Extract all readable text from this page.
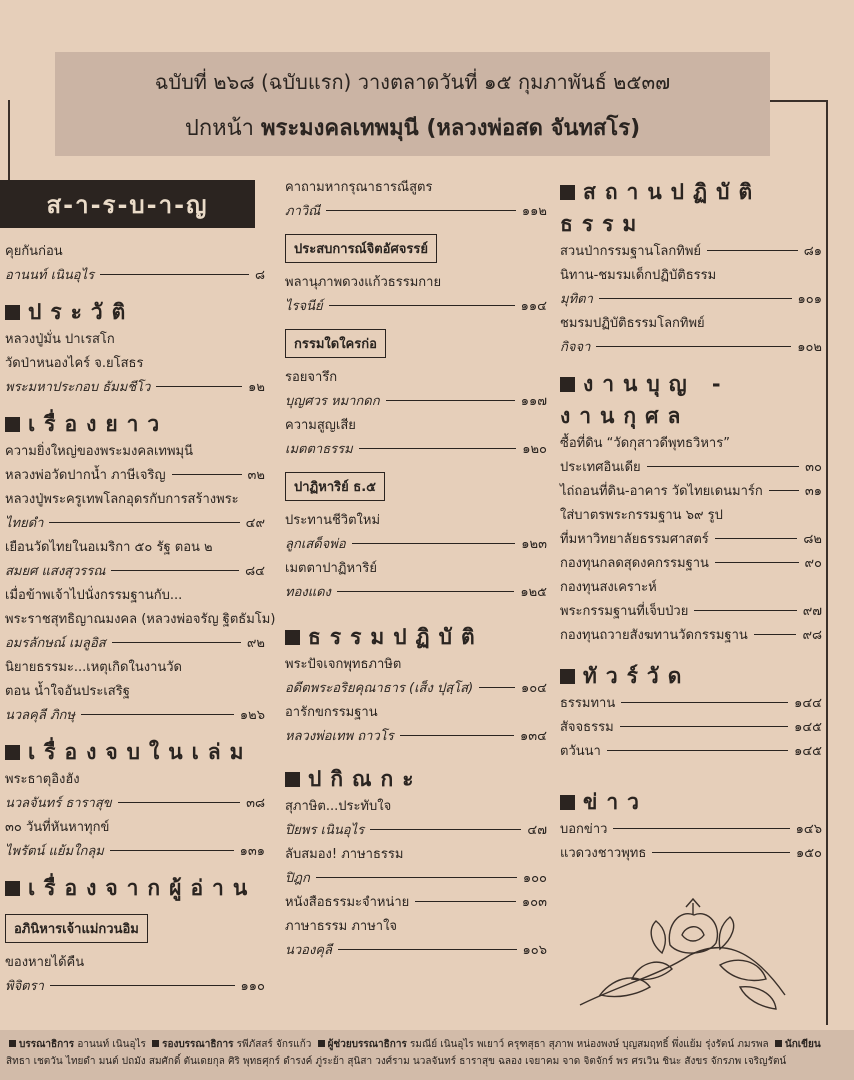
ฉบับที่ ๒๖๘ (ฉบับแรก) วางตลาดวันที่ ๑๕ กุมภาพันธ์ ๒๕๓๗
ปกหน้า พระมงคลเทพมุนี (หลวงพ่อสด จันทสโร)
ส-า-ร-บ-า-ญ
คุยกันก่อน
อานนท์ เนินอุไร	๘
ประวัติ
หลวงปู่มั่น ปาเรสโก
วัดป่าหนองไคร์ จ.ยโสธร
พระมหาประกอบ ธัมมชีโว	๑๒
เรื่องยาว
ความยิ่งใหญ่ของพระมงคลเทพมุนี
หลวงพ่อวัดปากน้ำ ภาษีเจริญ	๓๒
หลวงปู่พระครูเทพโลกอุดรกับการสร้างพระ
ไทยดำ	๔๙
เยือนวัดไทยในอเมริกา ๕๐ รัฐ ตอน ๒
สมยศ แสงสุวรรณ	๘๔
เมื่อข้าพเจ้าไปนั่งกรรมฐานกับ...
พระราชสุทธิญาณมงคล (หลวงพ่อจรัญ ฐิตธัมโม)
อมรลักษณ์ เมลูอิส	๙๒
นิยายธรรมะ...เหตุเกิดในงานวัด
ตอน น้ำใจอันประเสริฐ
นวลคุลี ภิกษุ	๑๒๖
เรื่องจบในเล่ม
พระธาตุอิงฮัง
นวลจันทร์ ธาราสุข	๓๘
๓๐ วันที่หันหาทุกข์
ไพรัตน์ แย้มใกลุม	๑๓๑
เรื่องจากผู้อ่าน
อภินิหารเจ้าแม่กวนอิม
ของหายได้คืน
พิจิตรา	๑๑๐
คาถามหากรุณาธารณีสูตร
ภาวิณี	๑๑๒
ประสบการณ์จิตอัศจรรย์
พลานุภาพดวงแก้วธรรมกาย
ไรจนีย์	๑๑๔
กรรมใดใครก่อ
รอยจารึก
บุญศวร หมากดก	๑๑๗
ความสูญเสีย
เมตตาธรรม	๑๒๐
ปาฏิหาริย์ ธ.๕
ประทานชีวิตใหม่
ลูกเสด็จพ่อ	๑๒๓
เมตตาปาฏิหาริย์
ทองแดง	๑๒๕
ธรรมปฏิบัติ
พระปัจเจกพุทธภาษิต
อดีตพระอริยคุณาธาร (เส็ง ปุสฺโส)	๑๐๔
อารักขกรรมฐาน
หลวงพ่อเทพ ถาวโร	๑๓๔
ปกิณกะ
สุภาษิต...ประทับใจ
ปิยพร เนินอุไร	๔๗
ลับสมอง! ภาษาธรรม
ปิฎก	๑๐๐
หนังสือธรรมะจำหน่าย	๑๐๓
ภาษาธรรม ภาษาใจ
นวองคุลี	๑๐๖
สถานปฏิบัติ
ธรรม
สวนป่ากรรมฐานโลกทิพย์	๘๑
นิทาน-ชมรมเด็กปฏิบัติธรรม
มุทิตา	๑๐๑
ชมรมปฏิบัติธรรมโลกทิพย์
กิจจา	๑๐๒
งานบุญ -
งานกุศล
ซื้อที่ดิน “วัดกุสาวดีพุทธวิหาร”
ประเทศอินเดีย	๓๐
ไถ่ถอนที่ดิน-อาคาร วัดไทยเดนมาร์ก	๓๑
ใส่บาตรพระกรรมฐาน ๖๙ รูป
ที่มหาวิทยาลัยธรรมศาสตร์	๘๒
กองทุนกลดสุดงคกรรมฐาน	๙๐
กองทุนสงเคราะห์
พระกรรมฐานที่เจ็บป่วย	๙๗
กองทุนถวายสังฆทานวัดกรรมฐาน	๙๘
ทัวร์วัด
ธรรมทาน	๑๔๔
สัจจธรรม	๑๔๕
ตวันนา	๑๔๕
ข่าว
บอกข่าว	๑๔๖
แวดวงชาวพุทธ	๑๕๐
บรรณาธิการ อานนท์ เนินอุไร รองบรรณาธิการ รพีภัสสร์ จักรแก้ว ผู้ช่วยบรรณาธิการ รมณีย์ เนินอุไร พเยาว์ ครุฑสุธา สุภาพ หน่องพงษ์ บุญสมฤทธิ์ พึ่งแย้ม รุ่งรัตน์ ภมรพล นักเขียน
สิทธา เชตวัน ไทยดำ มนต์ ปถมัง สมศักดิ์ ตันเดยกุล ศิริ พุทธศุกร์ ดำรงค์ ภู่ระย้า สุนิสา วงศ์ราม นวลจันทร์ ธาราสุข ฉลอง เจยาคม จาด จิตจักร์ พร ศรเวิน ชินะ สังขร จักรภพ เจริญรัตน์
